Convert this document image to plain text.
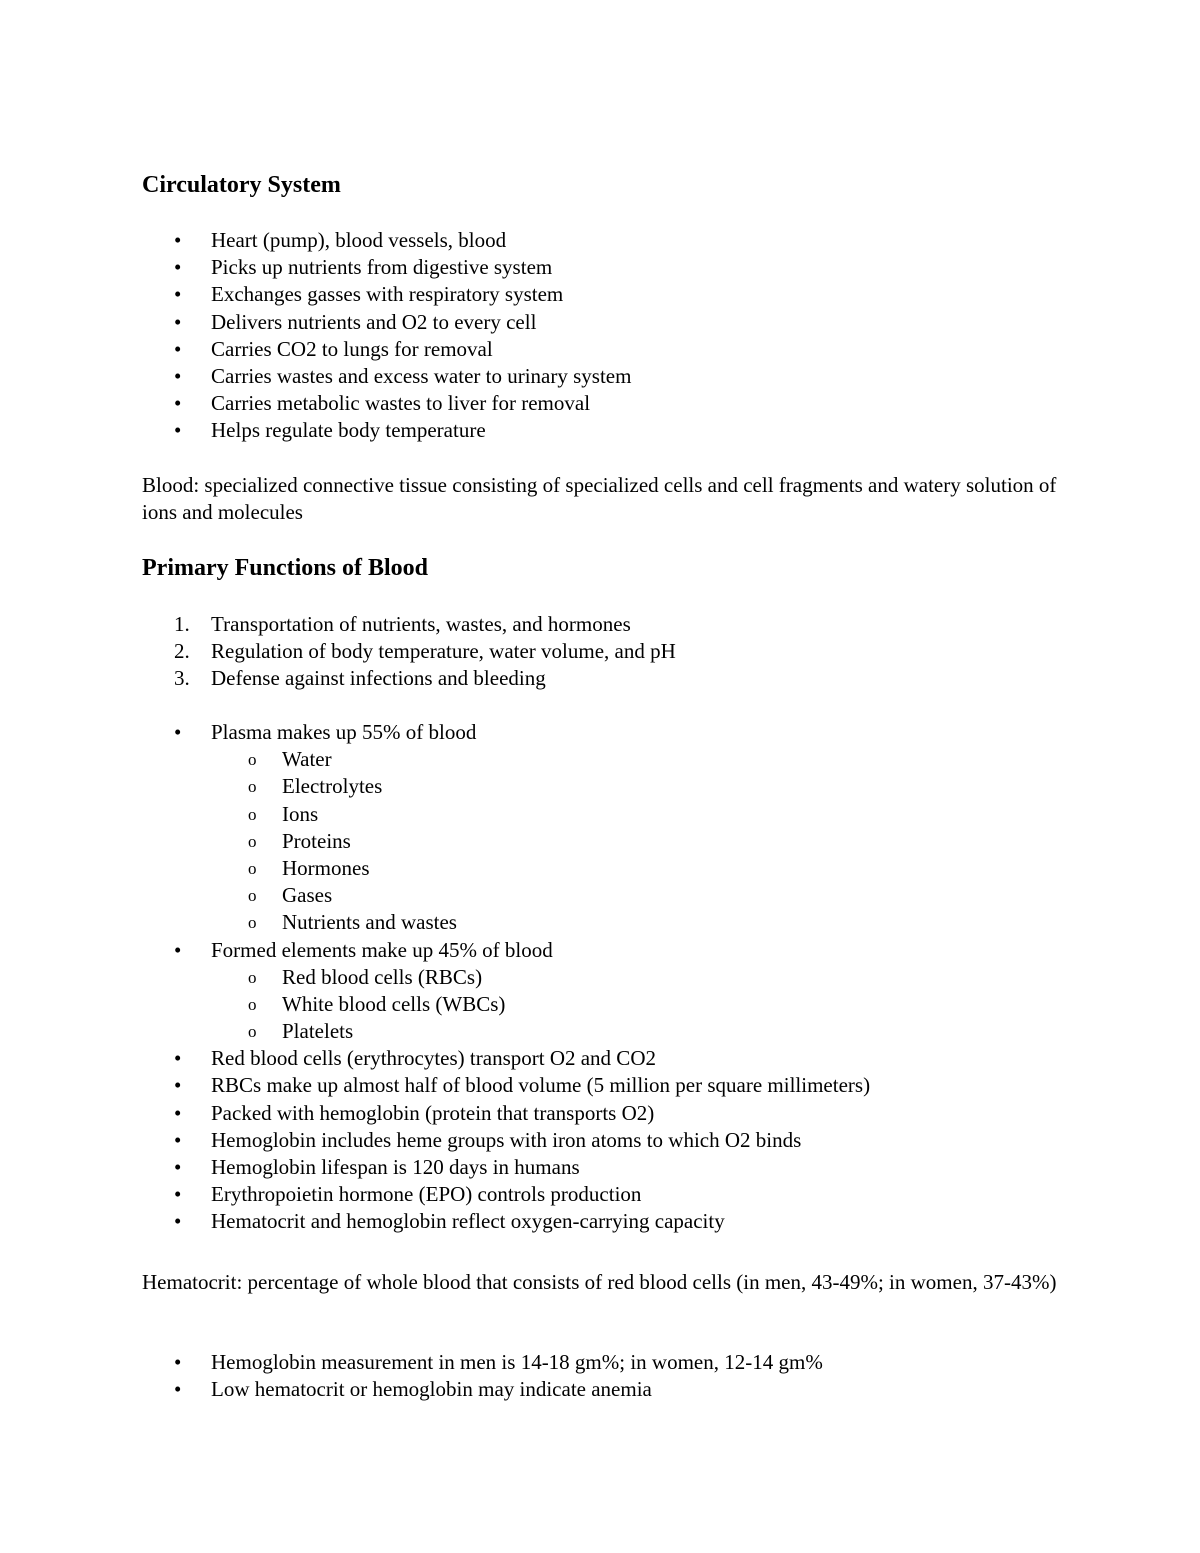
Circulatory System
• Heart (pump), blood vessels, blood
• Picks up nutrients from digestive system
• Exchanges gasses with respiratory system
• Delivers nutrients and O2 to every cell
• Carries CO2 to lungs for removal
• Carries wastes and excess water to urinary system
• Carries metabolic wastes to liver for removal
• Helps regulate body temperature

Blood: specialized connective tissue consisting of specialized cells and cell fragments and watery solution of ions and molecules

Primary Functions of Blood
1. Transportation of nutrients, wastes, and hormones
2. Regulation of body temperature, water volume, and pH
3. Defense against infections and bleeding
• Plasma makes up 55% of blood
o Water
o Electrolytes
o Ions
o Proteins
o Hormones
o Gases
o Nutrients and wastes
• Formed elements make up 45% of blood
o Red blood cells (RBCs)
o White blood cells (WBCs)
o Platelets
• Red blood cells (erythrocytes) transport O2 and CO2
• RBCs make up almost half of blood volume (5 million per square millimeters)
• Packed with hemoglobin (protein that transports O2)
• Hemoglobin includes heme groups with iron atoms to which O2 binds
• Hemoglobin lifespan is 120 days in humans
• Erythropoietin hormone (EPO) controls production
• Hematocrit and hemoglobin reflect oxygen-carrying capacity

Hematocrit: percentage of whole blood that consists of red blood cells (in men, 43-49%; in women, 37-43%)

• Hemoglobin measurement in men is 14-18 gm%; in women, 12-14 gm%
• Low hematocrit or hemoglobin may indicate anemia
